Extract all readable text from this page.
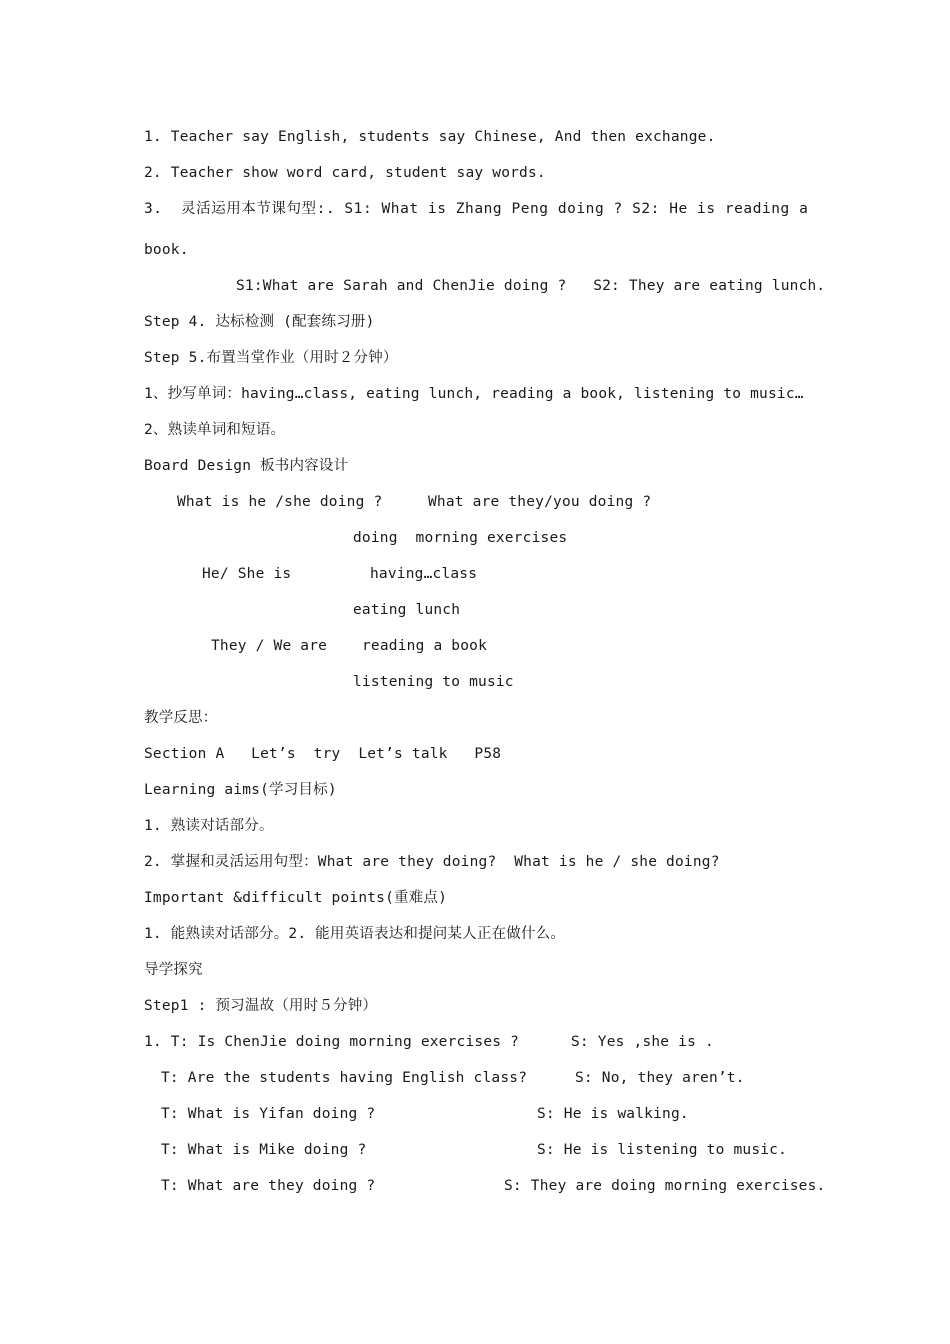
1. Teacher say English, students say Chinese, And then exchange.
2. Teacher show word card, student say words.
3.  灵活运用本节课句型:. S1: What is Zhang Peng doing ? S2: He is reading a
book.
S1:What are Sarah and ChenJie doing ?   S2: They are eating lunch.
Step 4. 达标检测 (配套练习册)
Step 5.布置当堂作业（用时２分钟）
1、抄写单词：having…class, eating lunch, reading a book, listening to music…
2、熟读单词和短语。
Board Design 板书内容设计
What is he /she doing ?	What are they/you doing ?
doing  morning exercises
He/ She is	having…class
eating lunch
They / We are reading a book
listening to music
教学反思：
Section A   Let’s  try  Let’s talk   P58
Learning aims(学习目标)
1. 熟读对话部分。
2. 掌握和灵活运用句型：What are they doing?  What is he / she doing?
Important &difficult points(重难点)
1. 能熟读对话部分。2. 能用英语表达和提问某人正在做什么。
导学探究
Step1 : 预习温故（用时５分钟）
1. T: Is ChenJie doing morning exercises ?	S: Yes ,she is .
T: Are the students having English class?	S: No, they aren’t.
T: What is Yifan doing ?	S: He is walking.
T: What is Mike doing ?	S: He is listening to music.
T: What are they doing ?	S: They are doing morning exercises.
